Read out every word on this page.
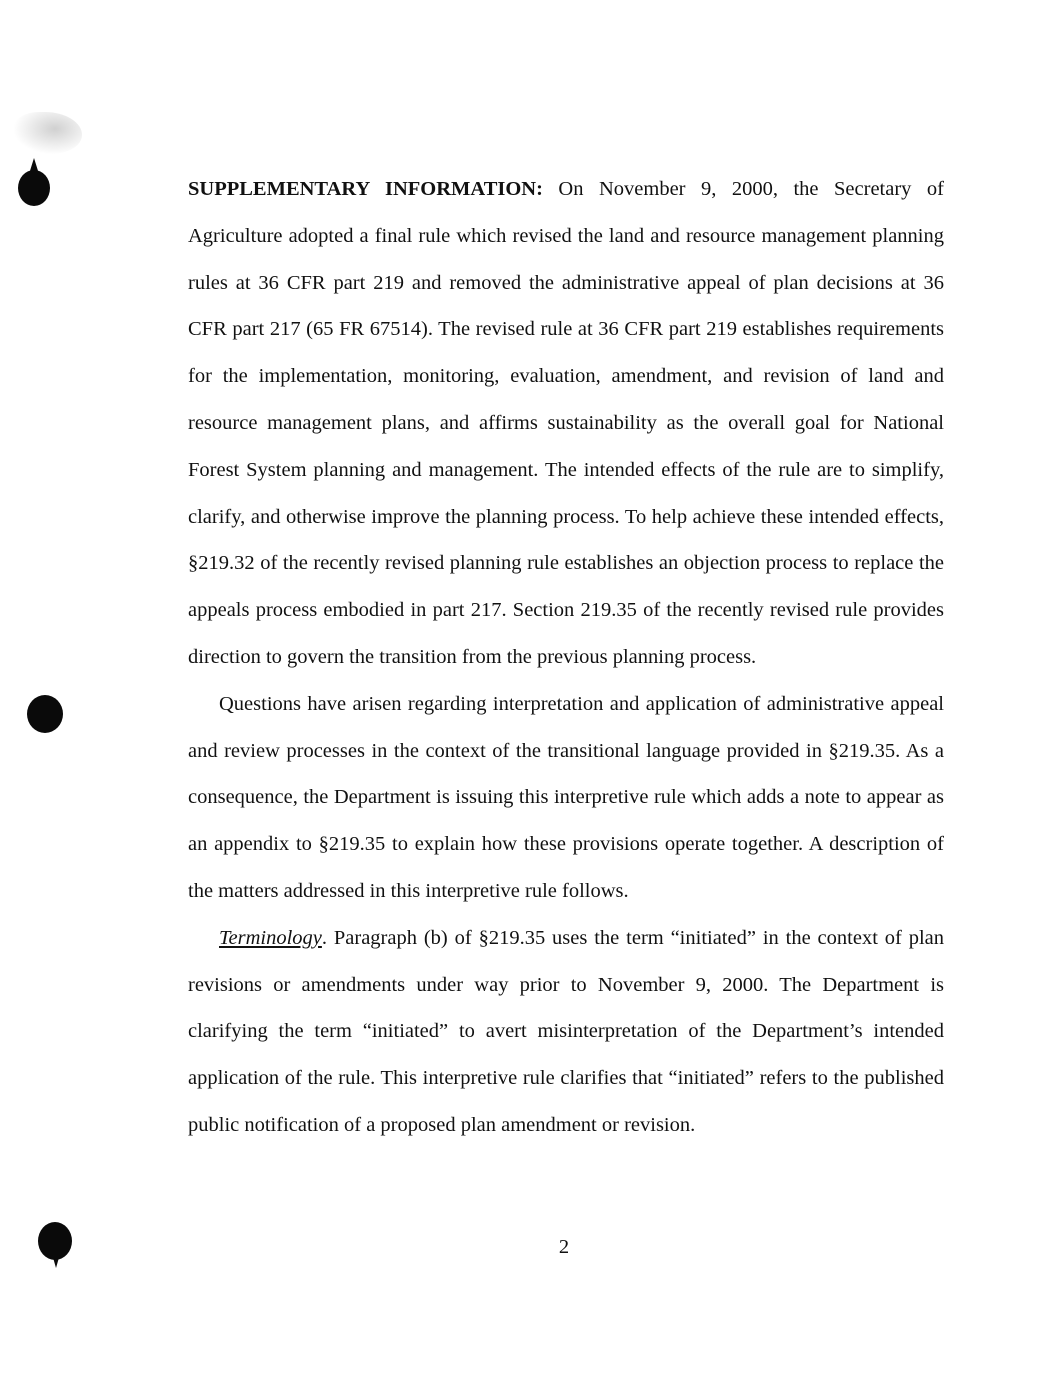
SUPPLEMENTARY INFORMATION: On November 9, 2000, the Secretary of Agriculture adopted a final rule which revised the land and resource management planning rules at 36 CFR part 219 and removed the administrative appeal of plan decisions at 36 CFR part 217 (65 FR 67514). The revised rule at 36 CFR part 219 establishes requirements for the implementation, monitoring, evaluation, amendment, and revision of land and resource management plans, and affirms sustainability as the overall goal for National Forest System planning and management. The intended effects of the rule are to simplify, clarify, and otherwise improve the planning process. To help achieve these intended effects, §219.32 of the recently revised planning rule establishes an objection process to replace the appeals process embodied in part 217. Section 219.35 of the recently revised rule provides direction to govern the transition from the previous planning process.

Questions have arisen regarding interpretation and application of administrative appeal and review processes in the context of the transitional language provided in §219.35. As a consequence, the Department is issuing this interpretive rule which adds a note to appear as an appendix to §219.35 to explain how these provisions operate together. A description of the matters addressed in this interpretive rule follows.

Terminology. Paragraph (b) of §219.35 uses the term “initiated” in the context of plan revisions or amendments under way prior to November 9, 2000. The Department is clarifying the term “initiated” to avert misinterpretation of the Department’s intended application of the rule. This interpretive rule clarifies that “initiated” refers to the published public notification of a proposed plan amendment or revision.

2
